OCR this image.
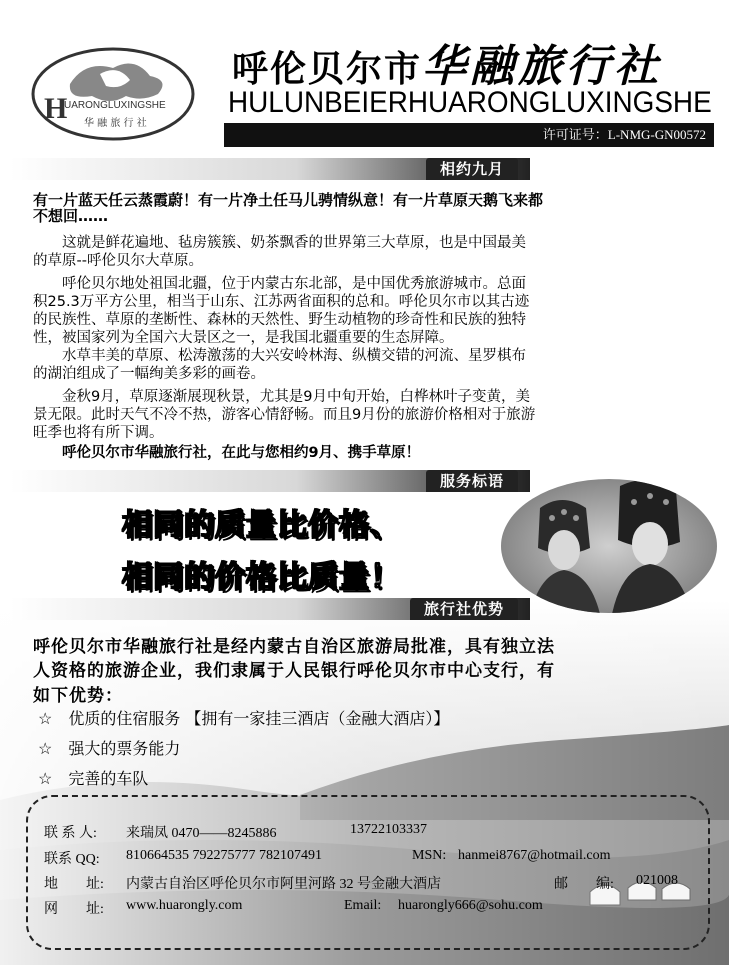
H
UARONGLUXINGSHE
华 融 旅 行 社
呼伦贝尔市华融旅行社
HULUNBEIERHUARONGLUXINGSHE
许可证号：L-NMG-GN00572
相约九月
有一片蓝天任云蒸霞蔚！有一片净土任马儿骋情纵意！有一片草原天鹅飞来都
不想回……
　　这就是鲜花遍地、毡房簇簇、奶茶飘香的世界第三大草原，也是中国最美
的草原--呼伦贝尔大草原。
　　呼伦贝尔地处祖国北疆，位于内蒙古东北部，是中国优秀旅游城市。总面
积25.3万平方公里，相当于山东、江苏两省面积的总和。呼伦贝尔市以其古迹
的民族性、草原的垄断性、森林的天然性、野生动植物的珍奇性和民族的独特
性，被国家列为全国六大景区之一，是我国北疆重要的生态屏障。
　　水草丰美的草原、松涛激荡的大兴安岭林海、纵横交错的河流、星罗棋布
的湖泊组成了一幅绚美多彩的画卷。
　　金秋9月，草原逐渐展现秋景，尤其是9月中旬开始，白桦林叶子变黄，美
景无限。此时天气不冷不热，游客心情舒畅。而且9月份的旅游价格相对于旅游
旺季也将有所下调。
　　呼伦贝尔市华融旅行社，在此与您相约9月、携手草原！
服务标语
相同的质量比价格、
相同的价格比质量！
旅行社优势
呼伦贝尔市华融旅行社是经内蒙古自治区旅游局批准，具有独立法
人资格的旅游企业，我们隶属于人民银行呼伦贝尔市中心支行，有
如下优势：
☆ 优质的住宿服务 【拥有一家挂三酒店（金融大酒店）】
☆ 强大的票务能力
☆ 完善的车队
联 系 人: 来瑞凤 0470——8245886	13722103337
联系 QQ: 810664535 792275777 782107491	MSN: hanmei8767@hotmail.com
地　　址: 内蒙古自治区呼伦贝尔市阿里河路 32 号金融大酒店	邮　　编: 021008
网　　址: www.huarongly.com	Email: huarongly666@sohu.com
